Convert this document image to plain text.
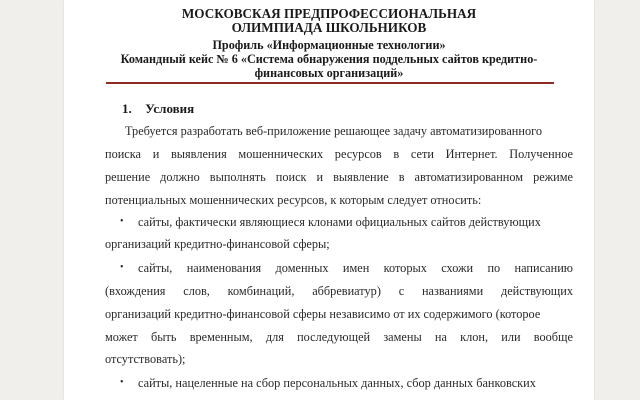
МОСКОВСКАЯ ПРЕДПРОФЕССИОНАЛЬНАЯ
ОЛИМПИАДА ШКОЛЬНИКОВ
Профиль «Информационные технологии»
Командный кейс № 6 «Система обнаружения поддельных сайтов кредитно-
финансовых организаций»
1. Условия
Требуется разработать веб-приложение решающее задачу автоматизированного
поиска и выявления мошеннических ресурсов в сети Интернет. Полученное
решение должно выполнять поиск и выявление в автоматизированном режиме
потенциальных мошеннических ресурсов, к которым следует относить:
• сайты, фактически являющиеся клонами официальных сайтов действующих
организаций кредитно-финансовой сферы;
• сайты, наименования доменных имен которых схожи по написанию
(вхождения слов, комбинаций, аббревиатур) с названиями действующих
организаций кредитно-финансовой сферы независимо от их содержимого (которое
может быть временным, для последующей замены на клон, или вообще
отсутствовать);
• сайты, нацеленные на сбор персональных данных, сбор данных банковских
